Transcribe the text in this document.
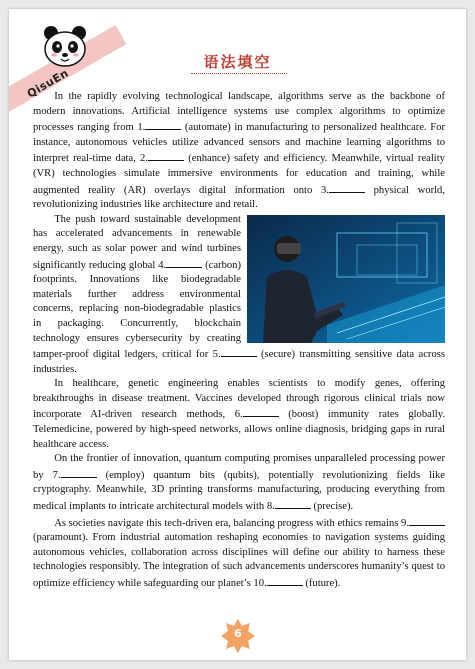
QisuEn
语法填空

In the rapidly evolving technological landscape, algorithms serve as the backbone of modern innovations. Artificial intelligence systems use complex algorithms to optimize processes ranging from 1.	(automate) in manufacturing to personalized healthcare. For instance, autonomous vehicles utilize advanced sensors and machine learning algorithms to interpret real-time data, 2.	(enhance) safety and efficiency. Meanwhile, virtual reality (VR) technologies simulate immersive environments for education and training, while augmented reality (AR) overlays digital information onto 3.	physical world, revolutionizing industries like architecture and retail.

The push toward sustainable development has accelerated advancements in renewable energy, such as solar power and wind turbines significantly reducing global 4.	(carbon) footprints. Innovations like biodegradable materials further address environmental concerns, replacing non-biodegradable plastics in packaging. Concurrently, blockchain technology ensures cybersecurity by creating tamper-proof digital ledgers, critical for 5.	(secure) transmitting sensitive data across industries.

In healthcare, genetic engineering enables scientists to modify genes, offering breakthroughs in disease treatment. Vaccines developed through rigorous clinical trials now incorporate AI-driven research methods, 6.	(boost) immunity rates globally. Telemedicine, powered by high-speed networks, allows online diagnosis, bridging gaps in rural healthcare access.

On the frontier of innovation, quantum computing promises unparalleled processing power by 7.	(employ) quantum bits (qubits), potentially revolutionizing fields like cryptography. Meanwhile, 3D printing transforms manufacturing, producing everything from medical implants to intricate architectural models with 8.	(precise).

As societies navigate this tech-driven era, balancing progress with ethics remains 9. (paramount). From industrial automation reshaping economies to navigation systems guiding autonomous vehicles, collaboration across disciplines will define our ability to harness these technologies responsibly. The integration of such advancements underscores humanity’s quest to optimize efficiency while safeguarding our planet’s 10.	(future).

6
